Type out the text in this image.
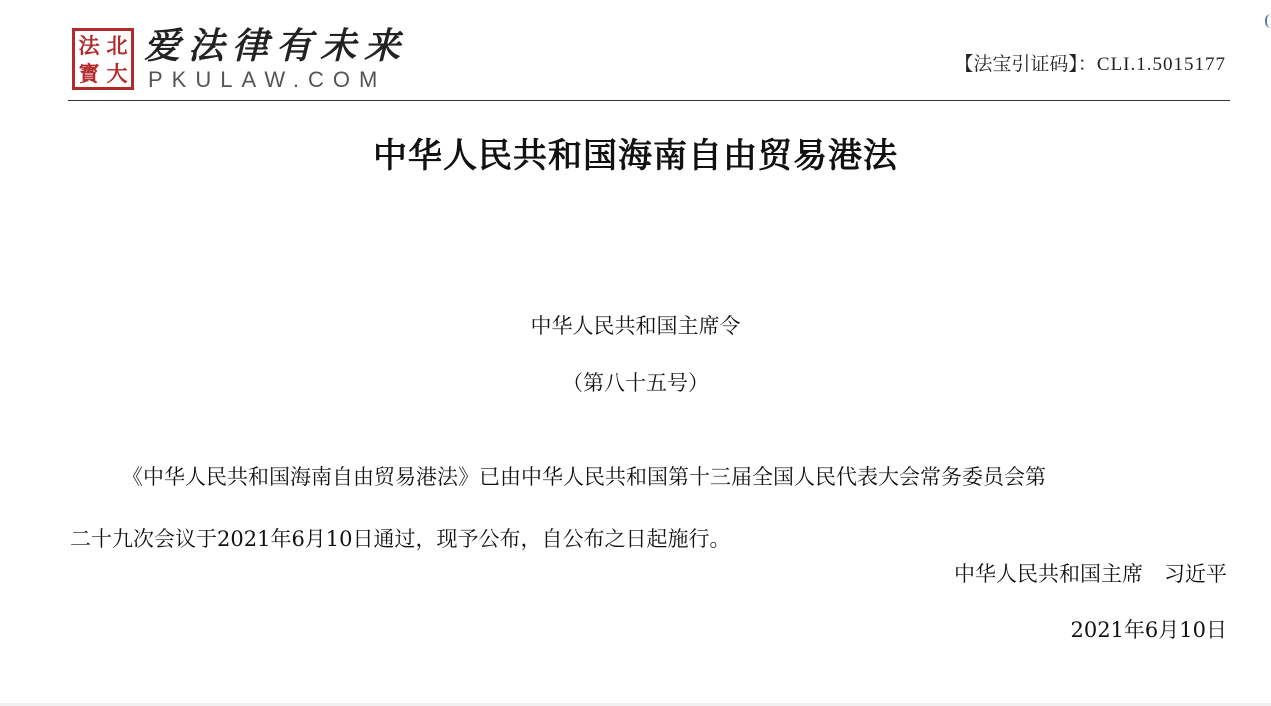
法 北
寳 大
爱法律有未来
PKULAW.COM
【法宝引证码】：CLI.1.5015177
中华人民共和国海南自由贸易港法
中华人民共和国主席令
（第八十五号）

《中华人民共和国海南自由贸易港法》已由中华人民共和国第十三届全国人民代表大会常务委员会第
二十九次会议于2021年6月10日通过，现予公布，自公布之日起施行。

中华人民共和国主席　习近平
2021年6月10日
